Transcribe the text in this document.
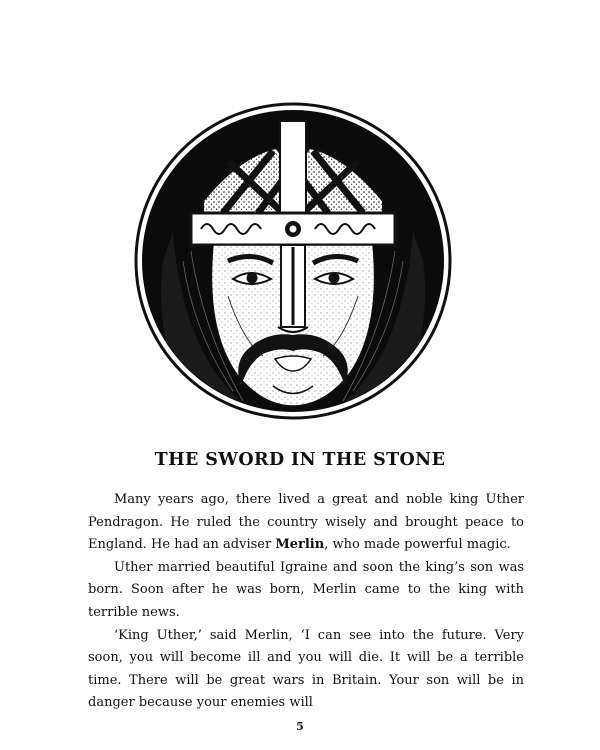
THE SWORD IN THE STONE

Many years ago, there lived a great and noble king Uther Pendragon. He ruled the country wisely and brought peace to England. He had an adviser Merlin, who made powerful magic.

Uther married beautiful Igraine and soon the king’s son was born. Soon after he was born, Merlin came to the king with terrible news.

‘King Uther,’ said Merlin, ‘I can see into the future. Very soon, you will become ill and you will die. It will be a terrible time. There will be great wars in Britain. Your son will be in danger because your enemies will

5
